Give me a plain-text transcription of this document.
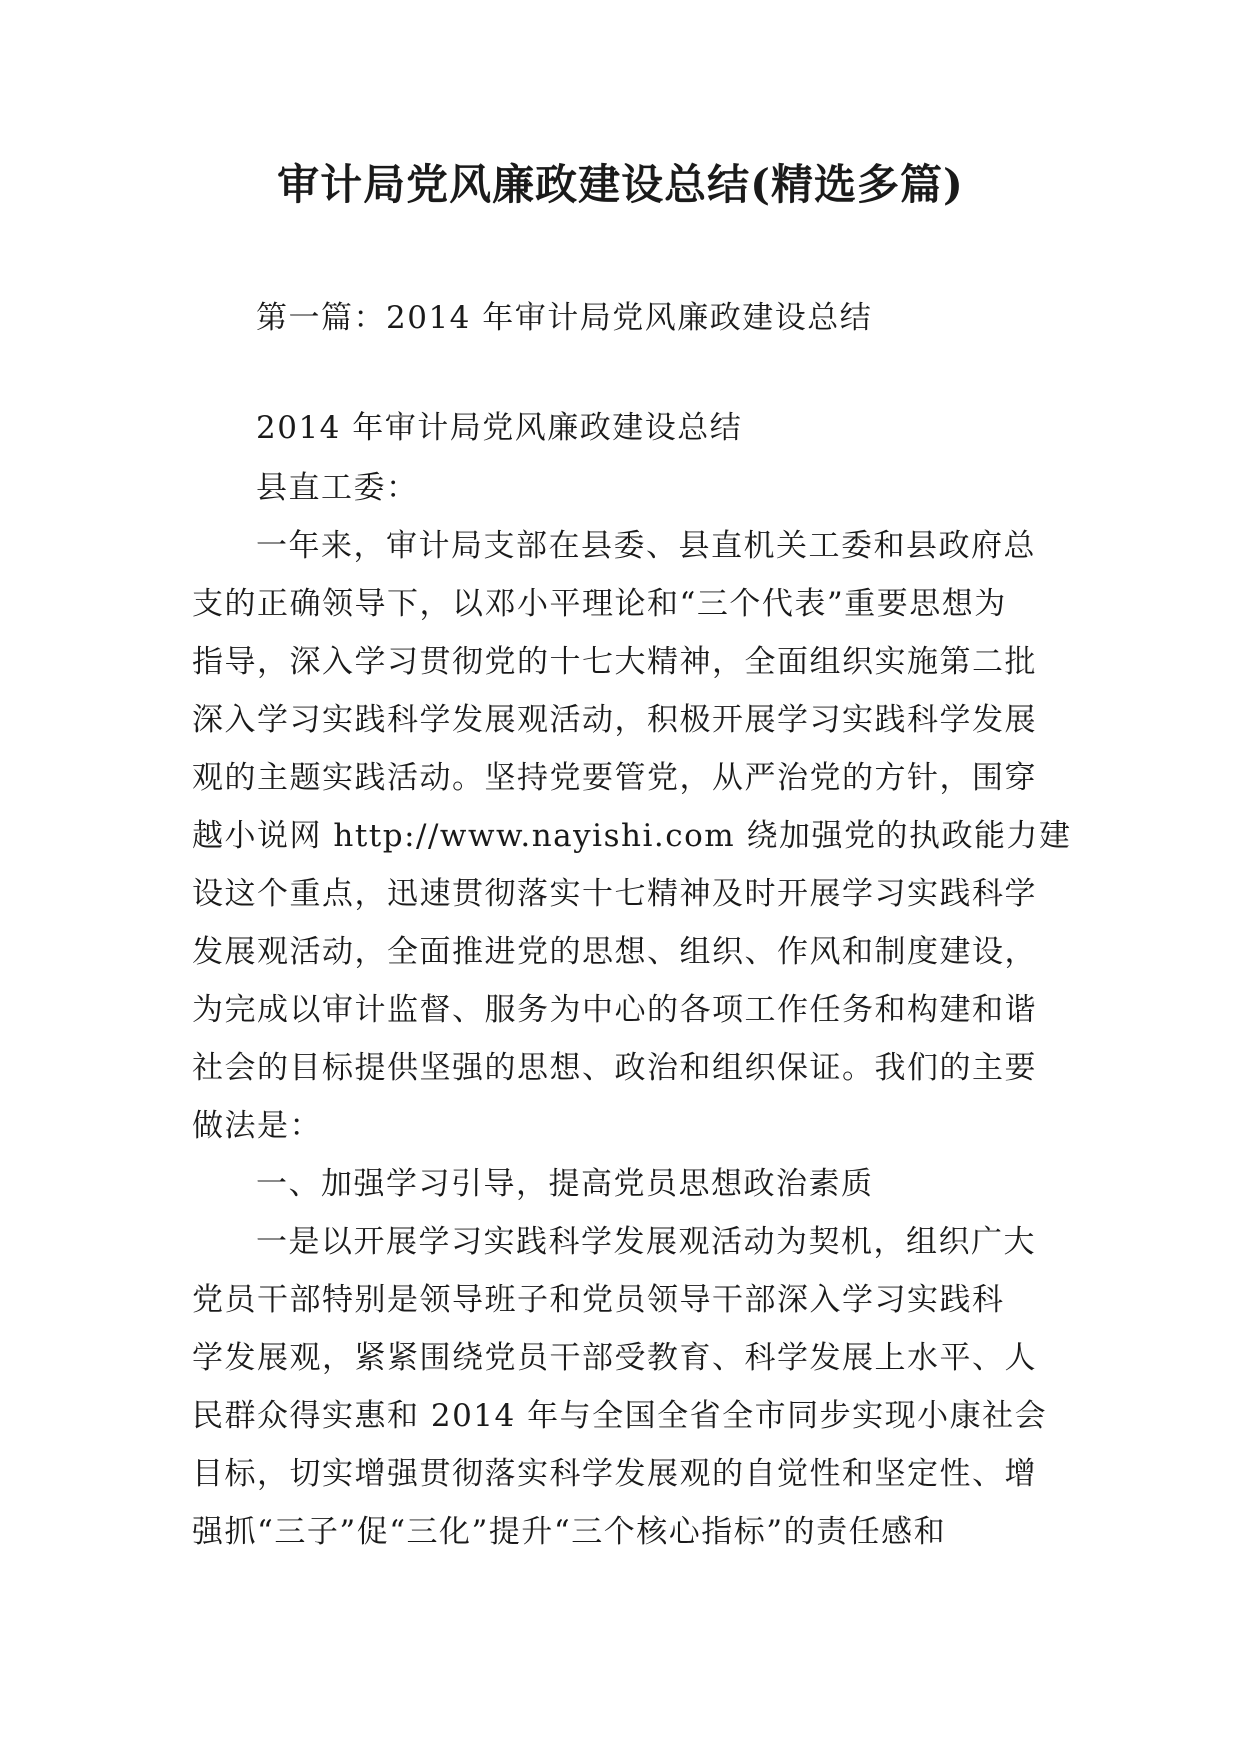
审计局党风廉政建设总结(精选多篇)
第一篇：2014 年审计局党风廉政建设总结
2014 年审计局党风廉政建设总结
县直工委：
一年来，审计局支部在县委、县直机关工委和县政府总
支的正确领导下，以邓小平理论和“三个代表”重要思想为
指导，深入学习贯彻党的十七大精神，全面组织实施第二批
深入学习实践科学发展观活动，积极开展学习实践科学发展
观的主题实践活动。坚持党要管党，从严治党的方针，围穿
越小说网 http://www.nayishi.com 绕加强党的执政能力建
设这个重点，迅速贯彻落实十七精神及时开展学习实践科学
发展观活动，全面推进党的思想、组织、作风和制度建设，
为完成以审计监督、服务为中心的各项工作任务和构建和谐
社会的目标提供坚强的思想、政治和组织保证。我们的主要
做法是：
一、加强学习引导，提高党员思想政治素质
一是以开展学习实践科学发展观活动为契机，组织广大
党员干部特别是领导班子和党员领导干部深入学习实践科
学发展观，紧紧围绕党员干部受教育、科学发展上水平、人
民群众得实惠和 2014 年与全国全省全市同步实现小康社会
目标，切实增强贯彻落实科学发展观的自觉性和坚定性、增
强抓“三子”促“三化”提升“三个核心指标”的责任感和
